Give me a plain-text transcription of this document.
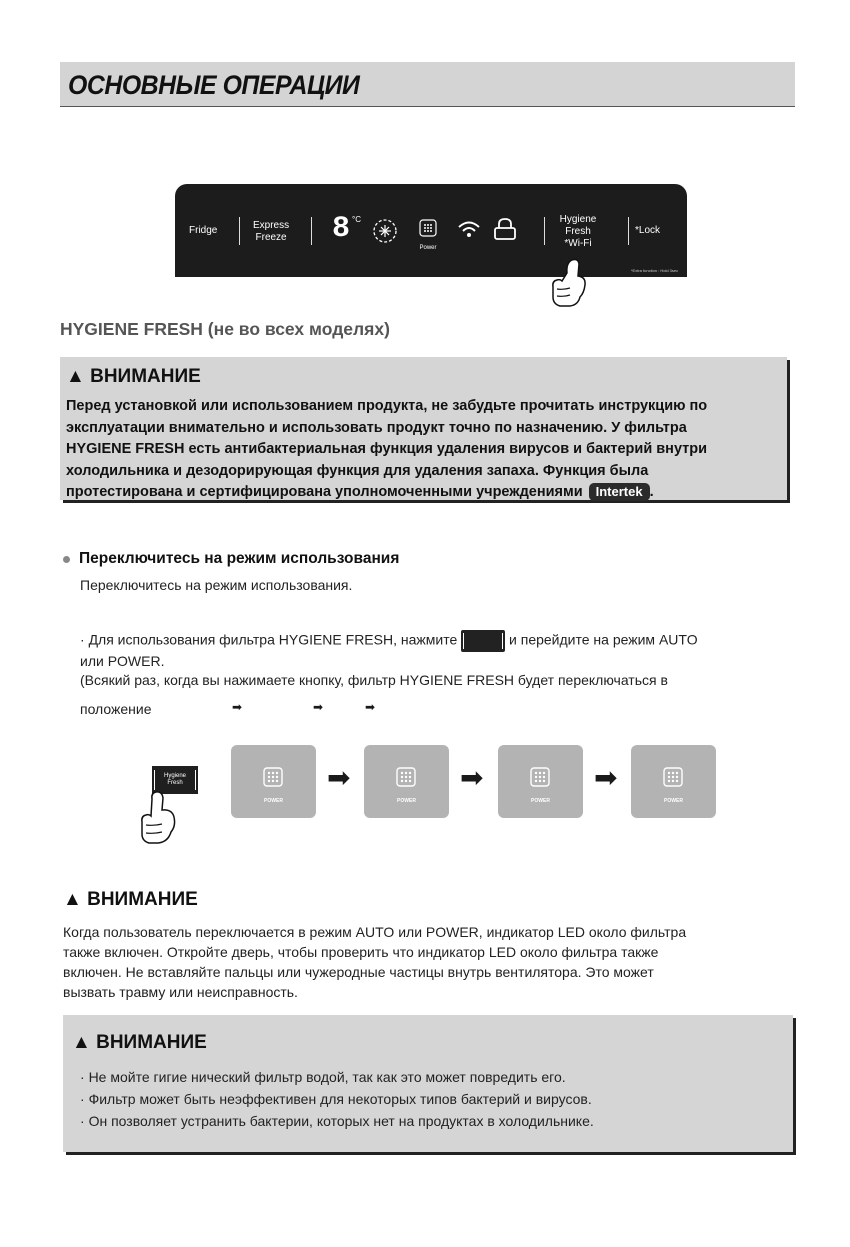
ОСНОВНЫЕ ОПЕРАЦИИ
Fridge	Express
Freeze 8 °C
Power
Hygiene
Fresh
*Wi-Fi
*Lock
*Extra function : Hold 3sec
HYGIENE FRESH (не во всех моделях)
▲ ВНИМАНИЕ
Перед установкой или использованием продукта, не забудьте прочитать инструкцию по
эксплуатации внимательно и использовать продукт точно по назначению. У фильтра
HYGIENE FRESH есть антибактериальная функция удаления вирусов и бактерий внутри
холодильника и дезодорирующая функция для удаления запаха. Функция была
протестирована и сертифицирована уполномоченными учреждениями Intertek .
Переключитесь на режим использования
Переключитесь на режим использования.
· Для использования фильтра HYGIENE FRESH, нажмите	и перейдите на режим AUTO
или POWER.
(Всякий раз, когда вы нажимаете кнопку, фильтр HYGIENE FRESH будет переключаться в
положение	➡	➡	➡
Hygiene
Fresh
POWER
➡
POWER
➡
POWER
➡
POWER
▲ ВНИМАНИЕ
Когда пользователь переключается в режим AUTO или POWER, индикатор LED около фильтра
также включен. Откройте дверь, чтобы проверить что индикатор LED около фильтра также
включен. Не вставляйте пальцы или чужеродные частицы внутрь вентилятора. Это может
вызвать травму или неисправность.
▲ ВНИМАНИЕ
· Не мойте гигие нический фильтр водой, так как это может повредить его.
· Фильтр может быть неэффективен для некоторых типов бактерий и вирусов.
· Он позволяет устранить бактерии, которых нет на продуктах в холодильнике.
